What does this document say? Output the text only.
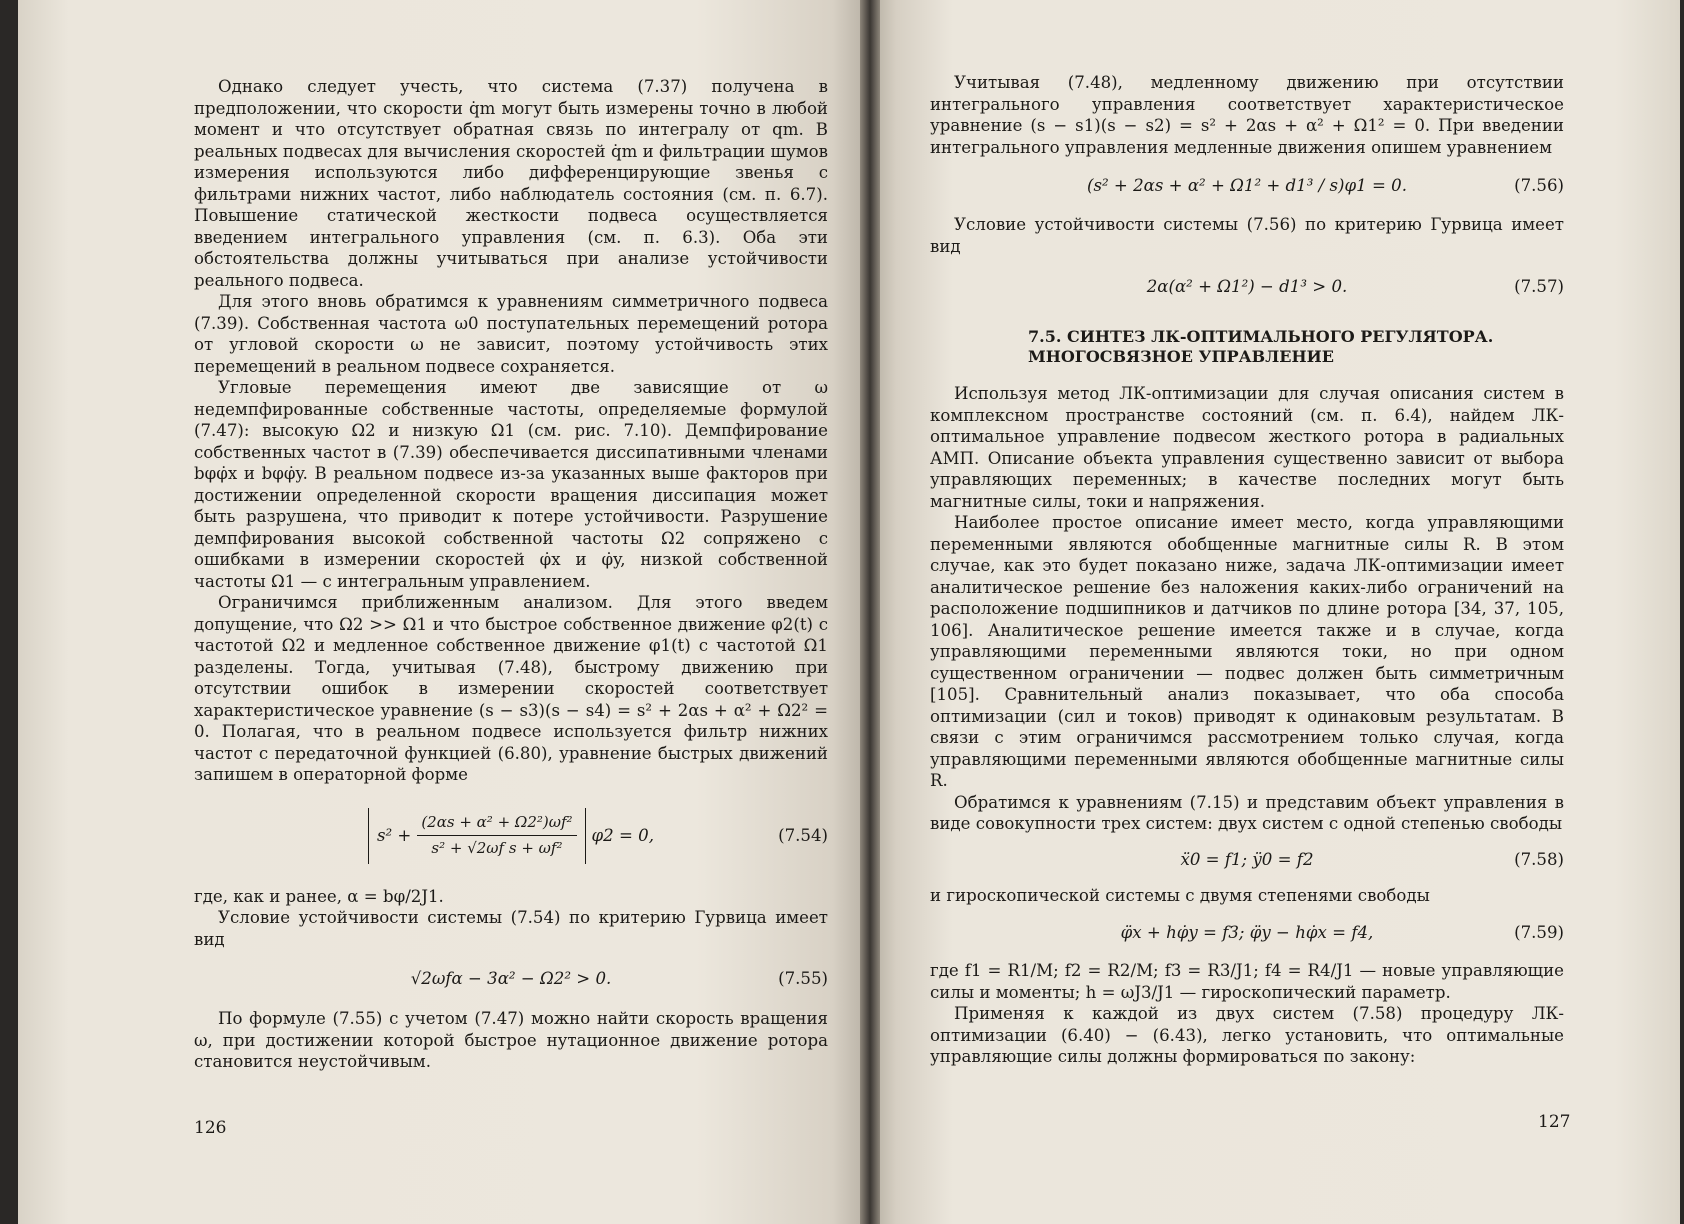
Однако следует учесть, что система (7.37) получена в предположении, что скорости q̇m могут быть измерены точно в любой момент и что отсутствует обратная связь по интегралу от qm. В реальных подвесах для вычисления скоростей q̇m и фильтрации шумов измерения используются либо дифференцирующие звенья с фильтрами нижних частот, либо наблюдатель состояния (см. п. 6.7). Повышение статической жесткости подвеса осуществляется введением интегрального управления (см. п. 6.3). Оба эти обстоятельства должны учитываться при анализе устойчивости реального подвеса.

Для этого вновь обратимся к уравнениям симметричного подвеса (7.39). Собственная частота ω0 поступательных перемещений ротора от угловой скорости ω не зависит, поэтому устойчивость этих перемещений в реальном подвесе сохраняется.

Угловые перемещения имеют две зависящие от ω недемпфированные собственные частоты, определяемые формулой (7.47): высокую Ω2 и низкую Ω1 (см. рис. 7.10). Демпфирование собственных частот в (7.39) обеспечивается диссипативными членами bφφ̇x и bφφ̇y. В реальном подвесе из-за указанных выше факторов при достижении определенной скорости вращения диссипация может быть разрушена, что приводит к потере устойчивости. Разрушение демпфирования высокой собственной частоты Ω2 сопряжено с ошибками в измерении скоростей φ̇x и φ̇y, низкой собственной частоты Ω1 — с интегральным управлением.

Ограничимся приближенным анализом. Для этого введем допущение, что Ω2 >> Ω1 и что быстрое собственное движение φ2(t) с частотой Ω2 и медленное собственное движение φ1(t) с частотой Ω1 разделены. Тогда, учитывая (7.48), быстрому движению при отсутствии ошибок в измерении скоростей соответствует характеристическое уравнение (s − s3)(s − s4) = s² + 2αs + α² + Ω2² = 0. Полагая, что в реальном подвесе используется фильтр нижних частот с передаточной функцией (6.80), уравнение быстрых движений запишем в операторной форме

$s^2 + \frac{\text{(2αs + α² + Ω2²)ωf²}}{\text{s² + √2ωf s + ωf²}} \varphi 2 = 0$,	(7.54)

где, как и ранее, α = bφ/2J1.

Условие устойчивости системы (7.54) по критерию Гурвица имеет вид

√2ωfα − 3α² − Ω2² > 0.	(7.55)

По формуле (7.55) с учетом (7.47) можно найти скорость вращения ω, при достижении которой быстрое нутационное движение ротора становится неустойчивым.

126

Учитывая (7.48), медленному движению при отсутствии интегрального управления соответствует характеристическое уравнение (s − s1)(s − s2) = s² + 2αs + α² + Ω1² = 0. При введении интегрального управления медленные движения опишем уравнением

(s² + 2αs + α² + Ω1² + d1³ / s)φ1 = 0.	(7.56)

Условие устойчивости системы (7.56) по критерию Гурвица имеет вид

2α(α² + Ω1²) − d1³ > 0.	(7.57)
7.5. СИНТЕЗ ЛК-ОПТИМАЛЬНОГО РЕГУЛЯТОРА.
МНОГОСВЯЗНОЕ УПРАВЛЕНИЕ

Используя метод ЛК-оптимизации для случая описания систем в комплексном пространстве состояний (см. п. 6.4), найдем ЛК-оптимальное управление подвесом жесткого ротора в радиальных АМП. Описание объекта управления существенно зависит от выбора управляющих переменных; в качестве последних могут быть магнитные силы, токи и напряжения.

Наиболее простое описание имеет место, когда управляющими переменными являются обобщенные магнитные силы R. В этом случае, как это будет показано ниже, задача ЛК-оптимизации имеет аналитическое решение без наложения каких-либо ограничений на расположение подшипников и датчиков по длине ротора [34, 37, 105, 106]. Аналитическое решение имеется также и в случае, когда управляющими переменными являются токи, но при одном существенном ограничении — подвес должен быть симметричным [105]. Сравнительный анализ показывает, что оба способа оптимизации (сил и токов) приводят к одинаковым результатам. В связи с этим ограничимся рассмотрением только случая, когда управляющими переменными являются обобщенные магнитные силы R.

Обратимся к уравнениям (7.15) и представим объект управления в виде совокупности трех систем: двух систем с одной степенью свободы

ẍ0 = f1; ÿ0 = f2	(7.58)

и гироскопической системы с двумя степенями свободы

φ̈x + hφ̇y = f3; φ̈y − hφ̇x = f4,	(7.59)

где f1 = R1/M; f2 = R2/M; f3 = R3/J1; f4 = R4/J1 — новые управляющие силы и моменты; h = ωJ3/J1 — гироскопический параметр.

Применяя к каждой из двух систем (7.58) процедуру ЛК-оптимизации (6.40) − (6.43), легко установить, что оптимальные управляющие силы должны формироваться по закону:

127
